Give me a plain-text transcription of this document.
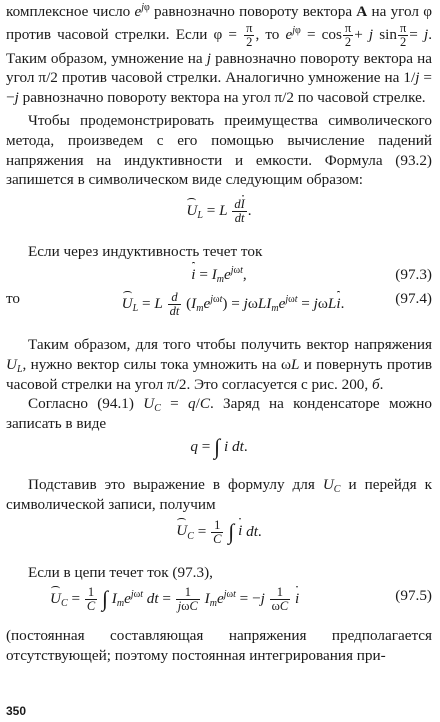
комплексное число $e^{j\varphi}$ равнозначно повороту вектора A на угол φ против часовой стрелки. Если $\varphi = \frac{\pi}{2}$ , то $e^{j\varphi} = \cos \frac{\pi}{2} + j$ $\sin \frac{\pi}{2} = j$. Таким образом, умножение на j равнозначно повороту вектора на угол π/2 против часовой стрелки. Аналогично умножение на 1/j = −j равнозначно повороту вектора на угол π/2 по часовой стрелке.

Чтобы продемонстрировать преимущества символического метода, произведем с его помощью вычисление падений напряжения на индуктивности и емкости. Формула (93.2) запишется в символическом виде следующим образом:

$U_L = L \frac{dI}{dt}$ .

Если через индуктивность течет ток

$i = I_me^{j\omega t}$,	(97.3)
то	$U_L = L \frac{d}{dt} (I_me^{j\omega t}) = j\omega LI_me^{j\omega t} = j\omega Li$.	(97.4)

Таким образом, для того чтобы получить вектор напряжения $U_L$, нужно вектор силы тока умножить на ωL и повернуть против часовой стрелки на угол π/2. Это согласуется с рис. 200, б.

Согласно (94.1) $U_C = q/C$. Заряд на конденсаторе можно записать в виде

q = ∫ i dt.

Подставив это выражение в формулу для $U_C$ и перейдя к символической записи, получим

$U_C = \frac{1}{C}$ ∫ i dt.

Если в цепи течет ток (97.3),

$U_C = \frac{1}{C}$ ∫ $I_me^{j\omega t}$ dt = $\frac{1}{\text{jωC}} I_me^{j\omega t} = -j \frac{1}{\omega C}$ i	(97.5)

(постоянная составляющая напряжения предполагается отсутствующей; поэтому постоянная интегрирования при-

350
